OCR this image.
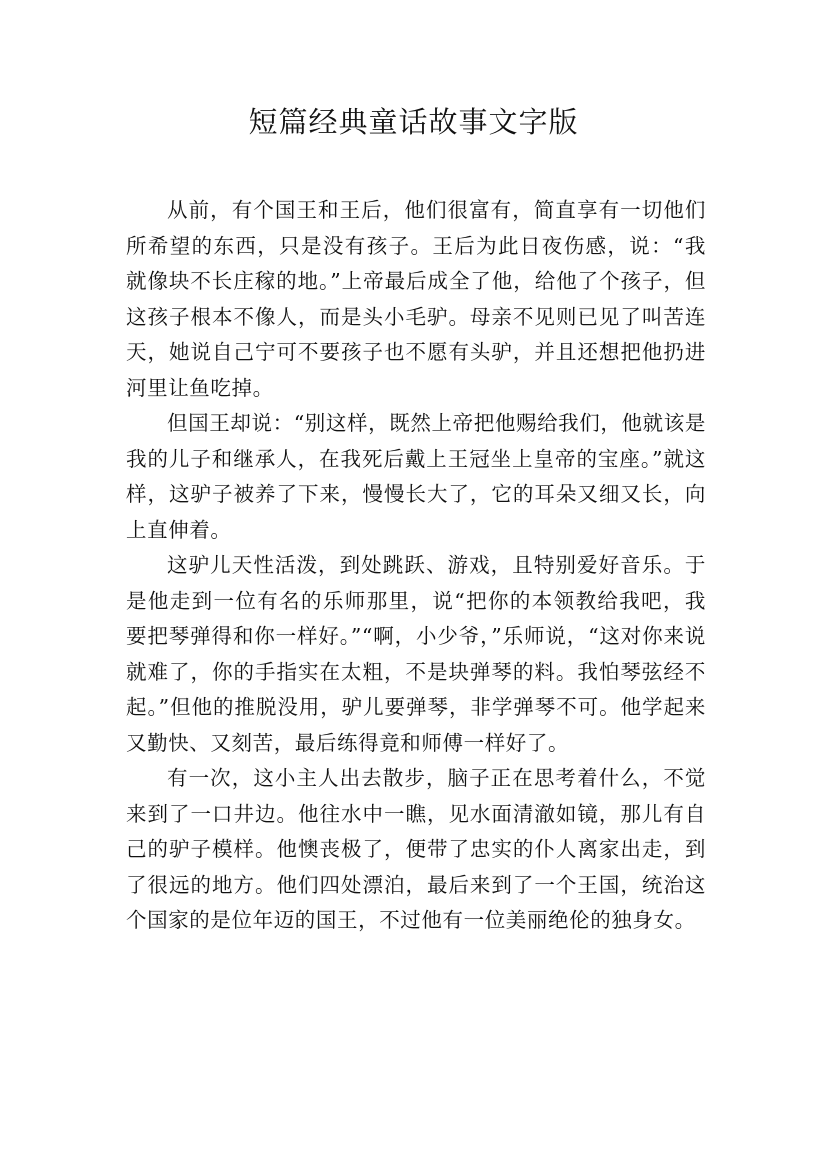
短篇经典童话故事文字版

从前，有个国王和王后，他们很富有，简直享有一切他们所希望的东西，只是没有孩子。王后为此日夜伤感，说：“我就像块不长庄稼的地。”上帝最后成全了他，给他了个孩子，但这孩子根本不像人，而是头小毛驴。母亲不见则已见了叫苦连天，她说自己宁可不要孩子也不愿有头驴，并且还想把他扔进河里让鱼吃掉。

但国王却说：“别这样，既然上帝把他赐给我们，他就该是我的儿子和继承人，在我死后戴上王冠坐上皇帝的宝座。”就这样，这驴子被养了下来，慢慢长大了，它的耳朵又细又长，向上直伸着。

这驴儿天性活泼，到处跳跃、游戏，且特别爱好音乐。于是他走到一位有名的乐师那里，说“把你的本领教给我吧，我要把琴弹得和你一样好。”“啊，小少爷，”乐师说，“这对你来说就难了，你的手指实在太粗，不是块弹琴的料。我怕琴弦经不起。”但他的推脱没用，驴儿要弹琴，非学弹琴不可。他学起来又勤快、又刻苦，最后练得竟和师傅一样好了。

有一次，这小主人出去散步，脑子正在思考着什么，不觉来到了一口井边。他往水中一瞧，见水面清澈如镜，那儿有自己的驴子模样。他懊丧极了，便带了忠实的仆人离家出走，到了很远的地方。他们四处漂泊，最后来到了一个王国，统治这个国家的是位年迈的国王，不过他有一位美丽绝伦的独身女。
